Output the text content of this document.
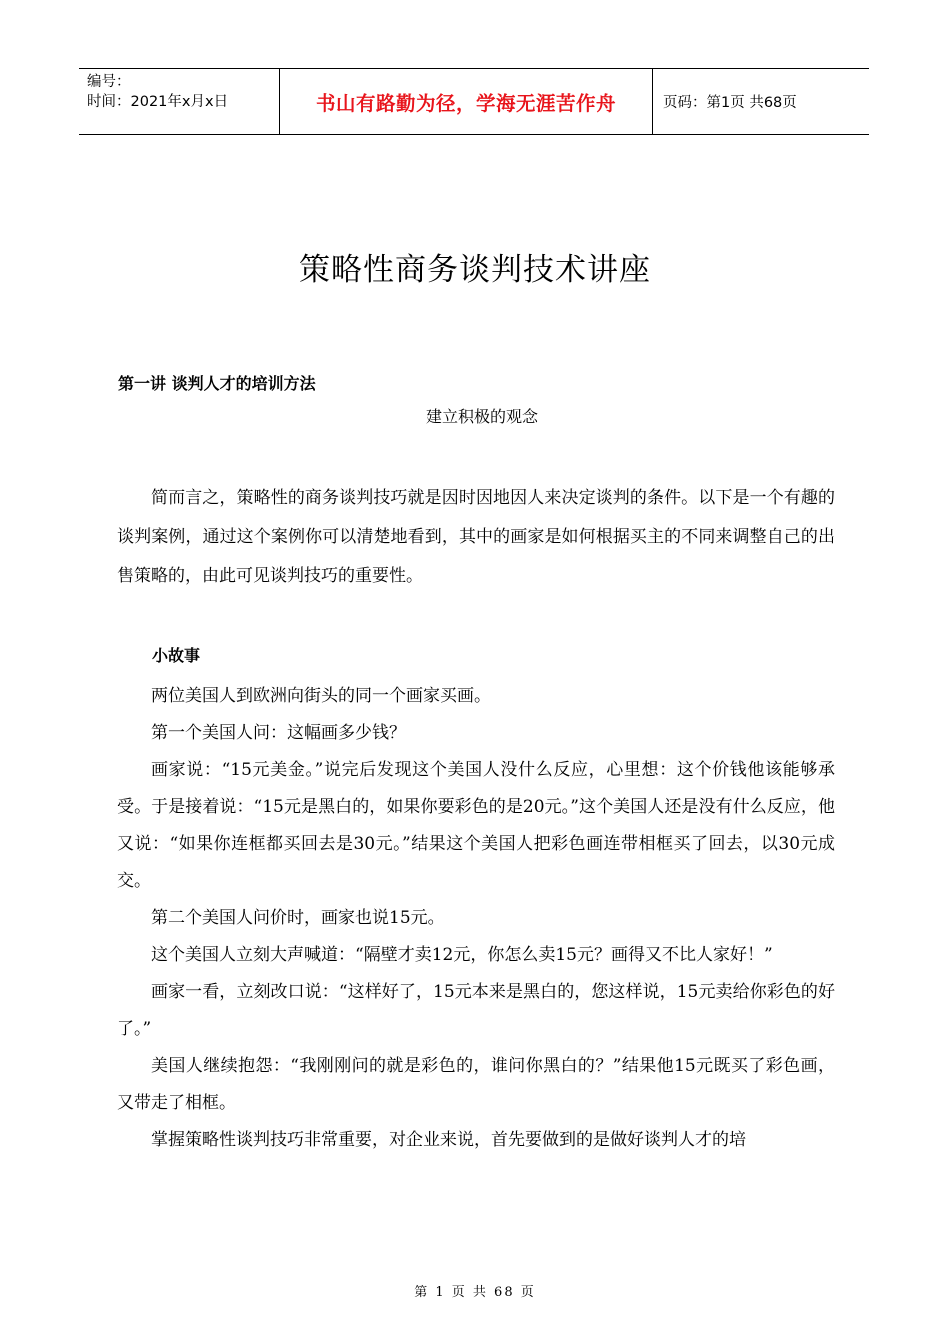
编号：
时间：2021年x月x日	书山有路勤为径，学海无涯苦作舟	页码：第1页 共68页
策略性商务谈判技术讲座
第一讲 谈判人才的培训方法
建立积极的观念

简而言之，策略性的商务谈判技巧就是因时因地因人来决定谈判的条件。以下是一个有趣的谈判案例，通过这个案例你可以清楚地看到，其中的画家是如何根据买主的不同来调整自己的出售策略的，由此可见谈判技巧的重要性。

小故事

两位美国人到欧洲向街头的同一个画家买画。

第一个美国人问：这幅画多少钱？

画家说：“15元美金。”说完后发现这个美国人没什么反应，心里想：这个价钱他该能够承受。于是接着说：“15元是黑白的，如果你要彩色的是20元。”这个美国人还是没有什么反应，他又说：“如果你连框都买回去是30元。”结果这个美国人把彩色画连带相框买了回去，以30元成交。

第二个美国人问价时，画家也说15元。

这个美国人立刻大声喊道：“隔壁才卖12元，你怎么卖15元？画得又不比人家好！”

画家一看，立刻改口说：“这样好了，15元本来是黑白的，您这样说，15元卖给你彩色的好了。”

美国人继续抱怨：“我刚刚问的就是彩色的，谁问你黑白的？”结果他15元既买了彩色画，又带走了相框。

掌握策略性谈判技巧非常重要，对企业来说，首先要做到的是做好谈判人才的培

第 1 页 共 68 页
